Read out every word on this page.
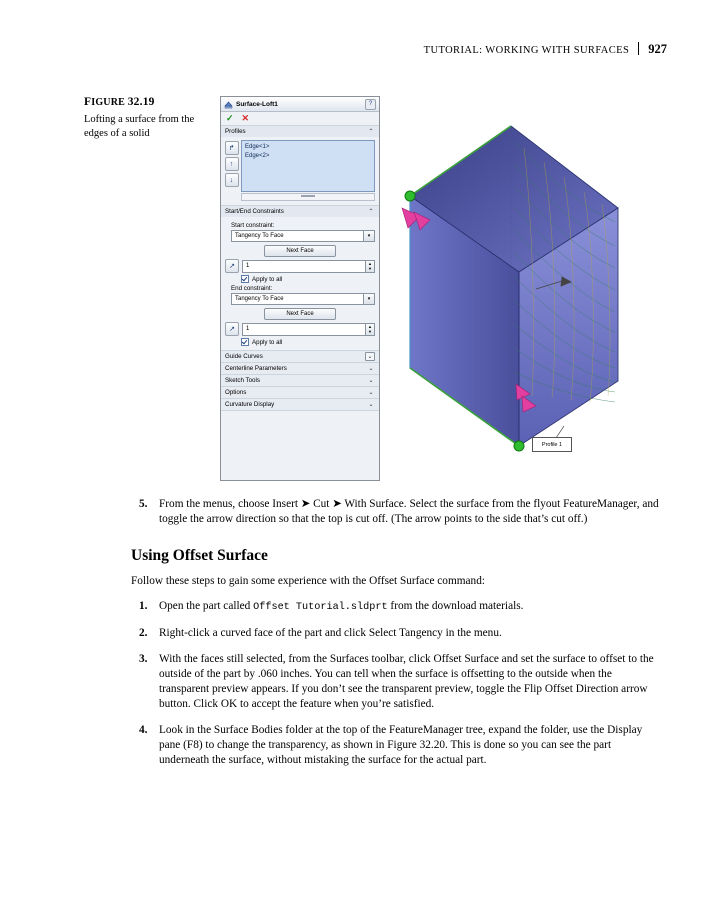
TUTORIAL: WORKING WITH SURFACES 927
FIGURE 32.19
Lofting a surface from the edges of a solid
Surface-Loft1	?
✓ ✕
Profiles	⌃
↱
↑
↓
Edge<1>
Edge<2>
Start/End Constraints	⌃
Start constraint:
Tangency To Face	▾
Next Face
↗	1	▲
▼
Apply to all
End constraint:
Tangency To Face	▾
Next Face
↗	1	▲
▼
Apply to all
Guide Curves	⌄
Centerline Parameters	⌄
Sketch Tools	⌄
Options	⌄
Curvature Display	⌄
Profile 1
5. From the menus, choose Insert ➤ Cut ➤ With Surface. Select the surface from the flyout FeatureManager, and toggle the arrow direction so that the top is cut off. (The arrow points to the side that’s cut off.)
Using Offset Surface

Follow these steps to gain some experience with the Offset Surface command:

1. Open the part called Offset Tutorial.sldprt from the download materials.
2. Right-click a curved face of the part and click Select Tangency in the menu.
3. With the faces still selected, from the Surfaces toolbar, click Offset Surface and set the surface to offset to the outside of the part by .060 inches. You can tell when the surface is offsetting to the outside when the transparent preview appears. If you don’t see the transparent preview, toggle the Flip Offset Direction arrow button. Click OK to accept the feature when you’re satisfied.
4. Look in the Surface Bodies folder at the top of the FeatureManager tree, expand the folder, use the Display pane (F8) to change the transparency, as shown in Figure 32.20. This is done so you can see the part underneath the surface, without mistaking the surface for the actual part.
